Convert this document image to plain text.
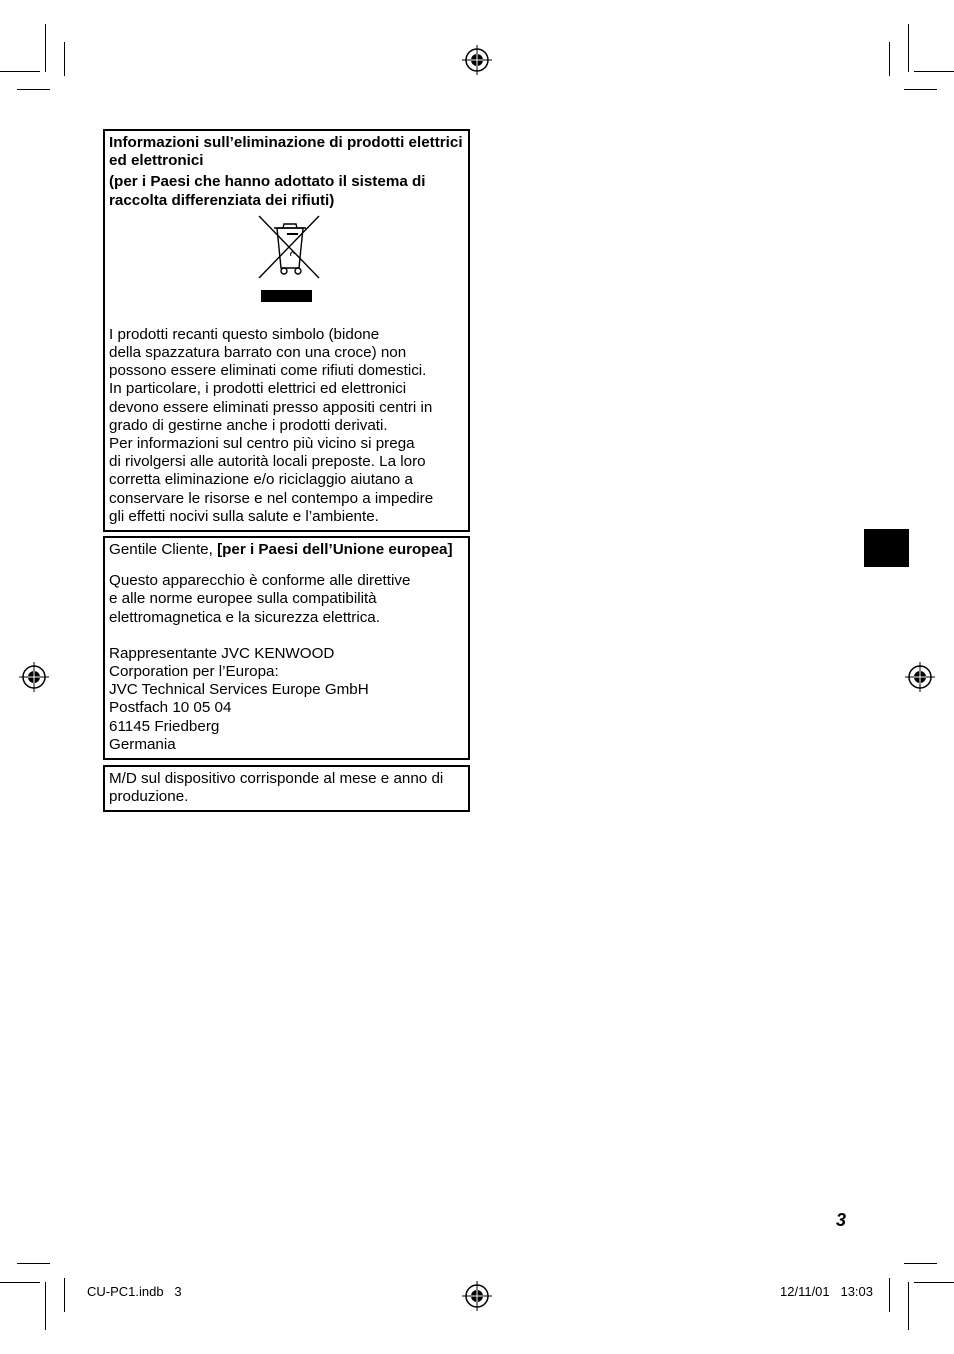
Informazioni sull’eliminazione di prodotti elettrici ed elettronici

(per i Paesi che hanno adottato il sistema di raccolta differenziata dei rifiuti)

I prodotti recanti questo simbolo (bidone
della spazzatura barrato con una croce) non
possono essere eliminati come rifiuti domestici.
In particolare, i prodotti elettrici ed elettronici
devono essere eliminati presso appositi centri in
grado di gestirne anche i prodotti derivati.
Per informazioni sul centro più vicino si prega
di rivolgersi alle autorità locali preposte. La loro
corretta eliminazione e/o riciclaggio aiutano a
conservare le risorse e nel contempo a impedire
gli effetti nocivi sulla salute e l’ambiente.
Gentile Cliente, [per i Paesi dell’Unione europea]
Questo apparecchio è conforme alle direttive
e alle norme europee sulla compatibilità
elettromagnetica e la sicurezza elettrica.
Rappresentante JVC KENWOOD
Corporation per l’Europa:
JVC Technical Services Europe GmbH
Postfach 10 05 04
61145 Friedberg
Germania
M/D sul dispositivo corrisponde al mese e anno di
produzione.
3
CU-PC1.indb   3	12/11/01   13:03
